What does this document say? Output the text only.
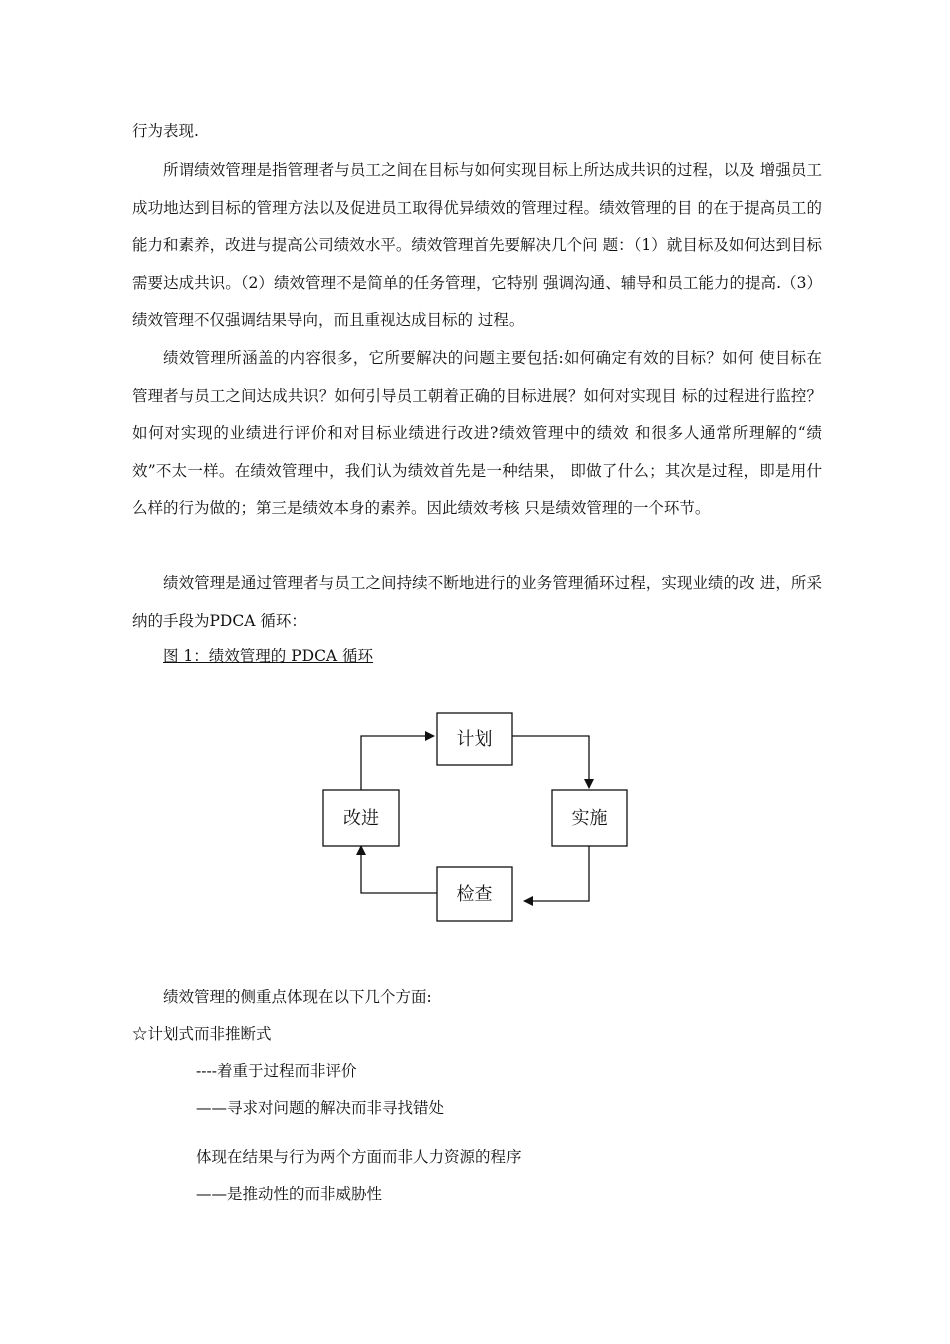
行为表现.

所谓绩效管理是指管理者与员工之间在目标与如何实现目标上所达成共识的过程，以及 增强员工成功地达到目标的管理方法以及促进员工取得优异绩效的管理过程。绩效管理的目 的在于提高员工的能力和素养，改进与提高公司绩效水平。绩效管理首先要解决几个问 题：（1）就目标及如何达到目标需要达成共识。（2）绩效管理不是简单的任务管理，它特别 强调沟通、辅导和员工能力的提高.（3）绩效管理不仅强调结果导向，而且重视达成目标的 过程。

绩效管理所涵盖的内容很多，它所要解决的问题主要包括:如何确定有效的目标？如何 使目标在管理者与员工之间达成共识？如何引导员工朝着正确的目标进展？如何对实现目 标的过程进行监控？如何对实现的业绩进行评价和对目标业绩进行改进?绩效管理中的绩效 和很多人通常所理解的“绩效”不太一样。在绩效管理中，我们认为绩效首先是一种结果， 即做了什么；其次是过程，即是用什么样的行为做的；第三是绩效本身的素养。因此绩效考核 只是绩效管理的一个环节。

绩效管理是通过管理者与员工之间持续不断地进行的业务管理循环过程，实现业绩的改 进，所采纳的手段为PDCA 循环：

图 1：绩效管理的 PDCA 循环

计划
实施
检查
改进

绩效管理的侧重点体现在以下几个方面:

☆计划式而非推断式

----着重于过程而非评价

——寻求对问题的解决而非寻找错处

体现在结果与行为两个方面而非人力资源的程序

——是推动性的而非威胁性
